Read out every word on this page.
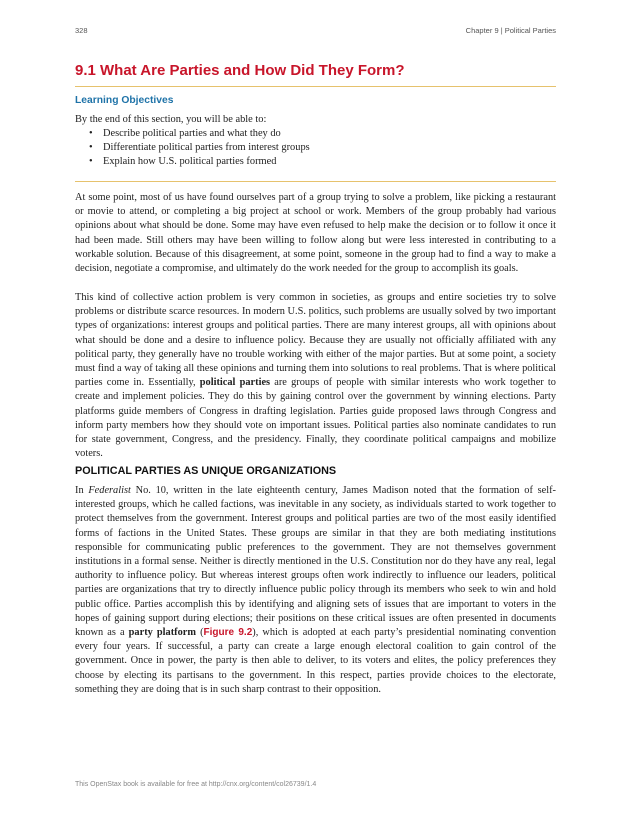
328	Chapter 9 | Political Parties
9.1 What Are Parties and How Did They Form?
Learning Objectives

By the end of this section, you will be able to:

• Describe political parties and what they do
• Differentiate political parties from interest groups
• Explain how U.S. political parties formed

At some point, most of us have found ourselves part of a group trying to solve a problem, like picking a restaurant or movie to attend, or completing a big project at school or work. Members of the group probably had various opinions about what should be done. Some may have even refused to help make the decision or to follow it once it had been made. Still others may have been willing to follow along but were less interested in contributing to a workable solution. Because of this disagreement, at some point, someone in the group had to find a way to make a decision, negotiate a compromise, and ultimately do the work needed for the group to accomplish its goals.

This kind of collective action problem is very common in societies, as groups and entire societies try to solve problems or distribute scarce resources. In modern U.S. politics, such problems are usually solved by two important types of organizations: interest groups and political parties. There are many interest groups, all with opinions about what should be done and a desire to influence policy. Because they are usually not officially affiliated with any political party, they generally have no trouble working with either of the major parties. But at some point, a society must find a way of taking all these opinions and turning them into solutions to real problems. That is where political parties come in. Essentially, political parties are groups of people with similar interests who work together to create and implement policies. They do this by gaining control over the government by winning elections. Party platforms guide members of Congress in drafting legislation. Parties guide proposed laws through Congress and inform party members how they should vote on important issues. Political parties also nominate candidates to run for state government, Congress, and the presidency. Finally, they coordinate political campaigns and mobilize voters.

POLITICAL PARTIES AS UNIQUE ORGANIZATIONS

In Federalist No. 10, written in the late eighteenth century, James Madison noted that the formation of self-interested groups, which he called factions, was inevitable in any society, as individuals started to work together to protect themselves from the government. Interest groups and political parties are two of the most easily identified forms of factions in the United States. These groups are similar in that they are both mediating institutions responsible for communicating public preferences to the government. They are not themselves government institutions in a formal sense. Neither is directly mentioned in the U.S. Constitution nor do they have any real, legal authority to influence policy. But whereas interest groups often work indirectly to influence our leaders, political parties are organizations that try to directly influence public policy through its members who seek to win and hold public office. Parties accomplish this by identifying and aligning sets of issues that are important to voters in the hopes of gaining support during elections; their positions on these critical issues are often presented in documents known as a party platform (Figure 9.2), which is adopted at each party’s presidential nominating convention every four years. If successful, a party can create a large enough electoral coalition to gain control of the government. Once in power, the party is then able to deliver, to its voters and elites, the policy preferences they choose by electing its partisans to the government. In this respect, parties provide choices to the electorate, something they are doing that is in such sharp contrast to their opposition.

This OpenStax book is available for free at http://cnx.org/content/col26739/1.4
